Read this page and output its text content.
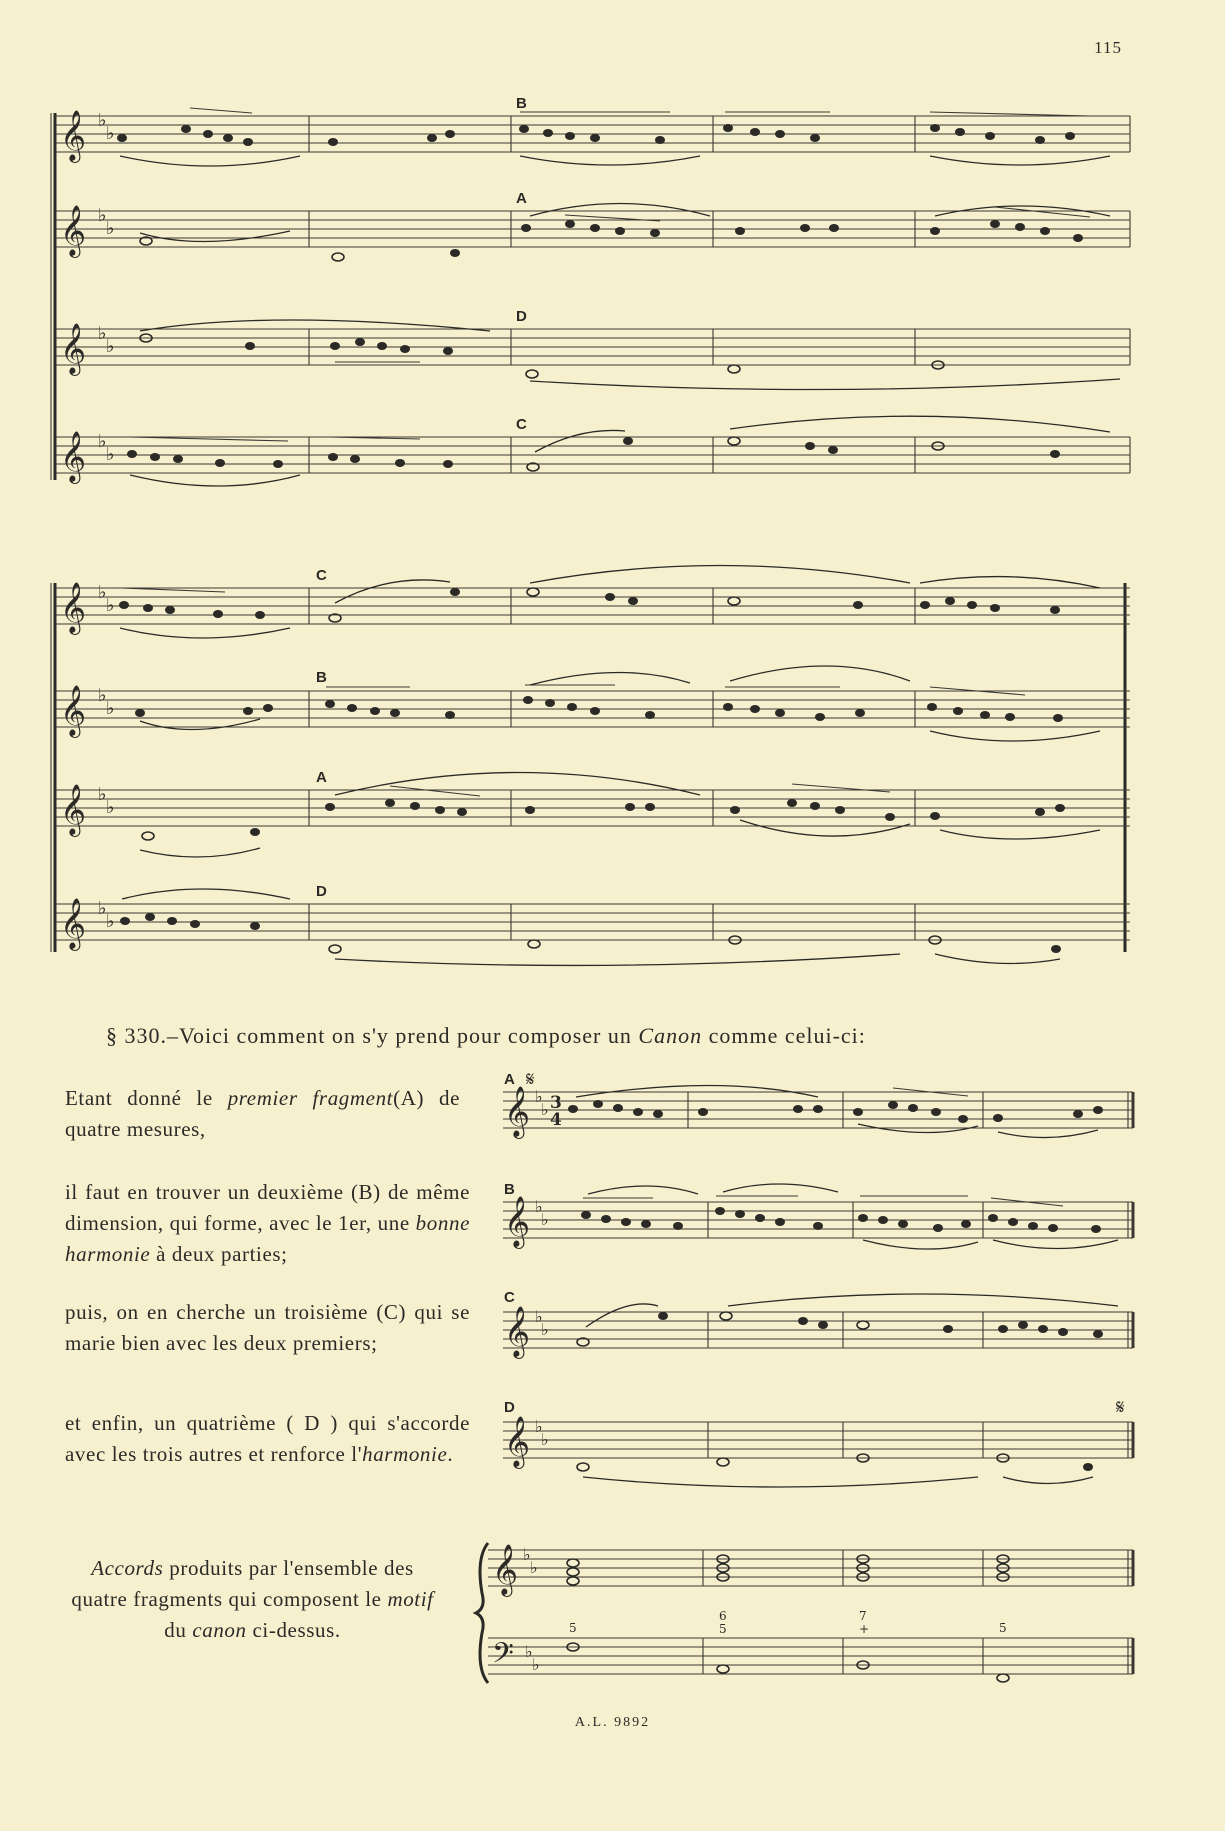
115
𝄞 ♭
♭
B
𝄞 ♭
♭
A
𝄞 ♭
♭
D
𝄞 ♭
♭
C
𝄞 ♭
♭
C
𝄞 ♭
♭
B
𝄞 ♭
♭
A
𝄞 ♭
♭
D
§ 330.–Voici comment on s'y prend pour composer un Canon comme celui-ci:
Etant donné le premier fragment(A) de quatre mesures,
il faut en trouver un deuxième (B) de même dimension, qui forme, avec le 1er, une bonne harmonie à deux parties;
puis, on en cherche un troisième (C) qui se marie bien avec les deux premiers;
et enfin, un quatrième ( D ) qui s'accorde avec les trois autres et renforce l'harmonie.
Accords produits par l'ensemble des quatre fragments qui composent le motif du canon ci-dessus.
A 𝄋
𝄞 ♭
♭ 3
4
B
𝄞 ♭
♭
C
𝄞 ♭
♭
D	𝄋
𝄞 ♭
♭
𝄞 ♭
♭
𝄢 ♭
♭
5
6
5
7
+	5
A.L. 9892
